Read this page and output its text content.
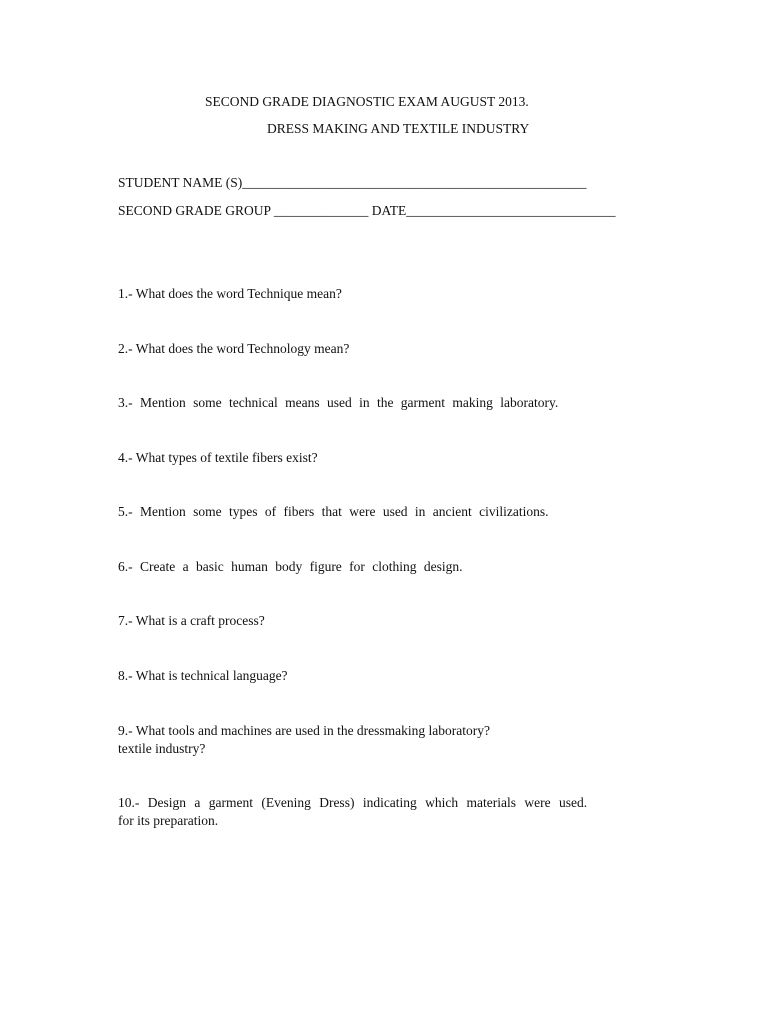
SECOND GRADE DIAGNOSTIC EXAM AUGUST 2013.
DRESS MAKING AND TEXTILE INDUSTRY
STUDENT NAME (S)___________________________________________________
SECOND GRADE GROUP ______________ DATE_______________________________
1.- What does the word Technique mean?
2.- What does the word Technology mean?
3.- Mention some technical means used in the garment making laboratory.
4.- What types of textile fibers exist?
5.- Mention some types of fibers that were used in ancient civilizations.
6.- Create a basic human body figure for clothing design.
7.- What is a craft process?
8.- What is technical language?
9.- What tools and machines are used in the dressmaking laboratory?
textile industry?
10.- Design a garment (Evening Dress) indicating which materials were used.
for its preparation.
